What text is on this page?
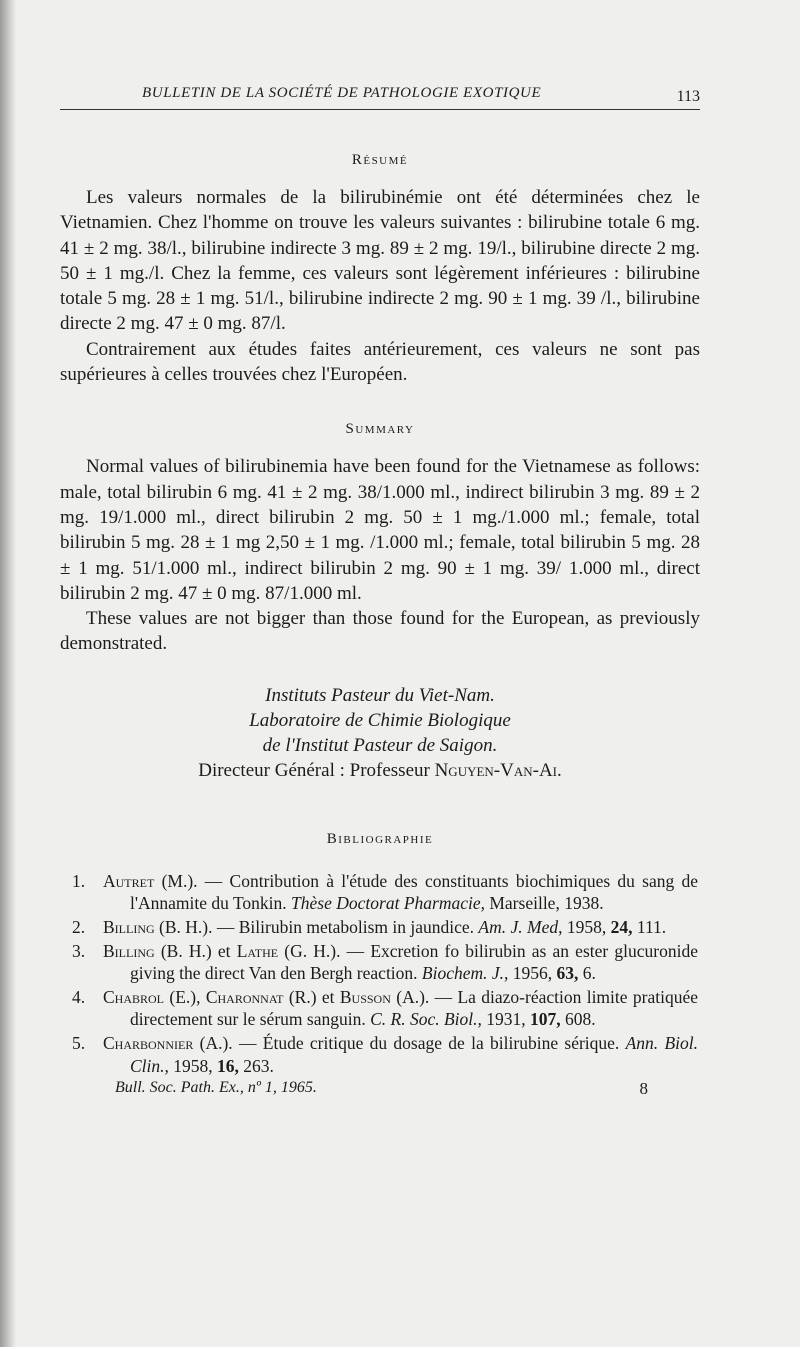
BULLETIN DE LA SOCIÉTÉ DE PATHOLOGIE EXOTIQUE	113
Résumé

Les valeurs normales de la bilirubinémie ont été déterminées chez le Vietnamien. Chez l'homme on trouve les valeurs suivantes : bilirubine totale 6 mg. 41 ± 2 mg. 38/l., bilirubine indirecte 3 mg. 89 ± 2 mg. 19/l., bilirubine directe 2 mg. 50 ± 1 mg./l. Chez la femme, ces valeurs sont légèrement inférieures : bilirubine totale 5 mg. 28 ± 1 mg. 51/l., bilirubine indirecte 2 mg. 90 ± 1 mg. 39 /l., bilirubine directe 2 mg. 47 ± 0 mg. 87/l.

Contrairement aux études faites antérieurement, ces valeurs ne sont pas supérieures à celles trouvées chez l'Européen.

Summary

Normal values of bilirubinemia have been found for the Vietnamese as follows: male, total bilirubin 6 mg. 41 ± 2 mg. 38/1.000 ml., indirect bilirubin 3 mg. 89 ± 2 mg. 19/1.000 ml., direct bilirubin 2 mg. 50 ± 1 mg./1.000 ml.; female, total bilirubin 5 mg. 28 ± 1 mg 2,50 ± 1 mg. /1.000 ml.; female, total bilirubin 5 mg. 28 ± 1 mg. 51/1.000 ml., indirect bilirubin 2 mg. 90 ± 1 mg. 39/ 1.000 ml., direct bilirubin 2 mg. 47 ± 0 mg. 87/1.000 ml.

These values are not bigger than those found for the European, as previously demonstrated.

Instituts Pasteur du Viet-Nam.
Laboratoire de Chimie Biologique
de l'Institut Pasteur de Saigon.
Directeur Général : Professeur Nguyen-Van-Ai.
Bibliographie
1. Autret (M.). — Contribution à l'étude des constituants biochimiques du sang de l'Annamite du Tonkin. Thèse Doctorat Pharmacie, Marseille, 1938.
2. Billing (B. H.). — Bilirubin metabolism in jaundice. Am. J. Med, 1958, 24, 111.
3. Billing (B. H.) et Lathe (G. H.). — Excretion fo bilirubin as an ester glucuronide giving the direct Van den Bergh reaction. Biochem. J., 1956, 63, 6.
4. Chabrol (E.), Charonnat (R.) et Busson (A.). — La diazo-réaction limite pratiquée directement sur le sérum sanguin. C. R. Soc. Biol., 1931, 107, 608.
5. Charbonnier (A.). — Étude critique du dosage de la bilirubine sérique. Ann. Biol. Clin., 1958, 16, 263.
Bull. Soc. Path. Ex., nº 1, 1965.	8
